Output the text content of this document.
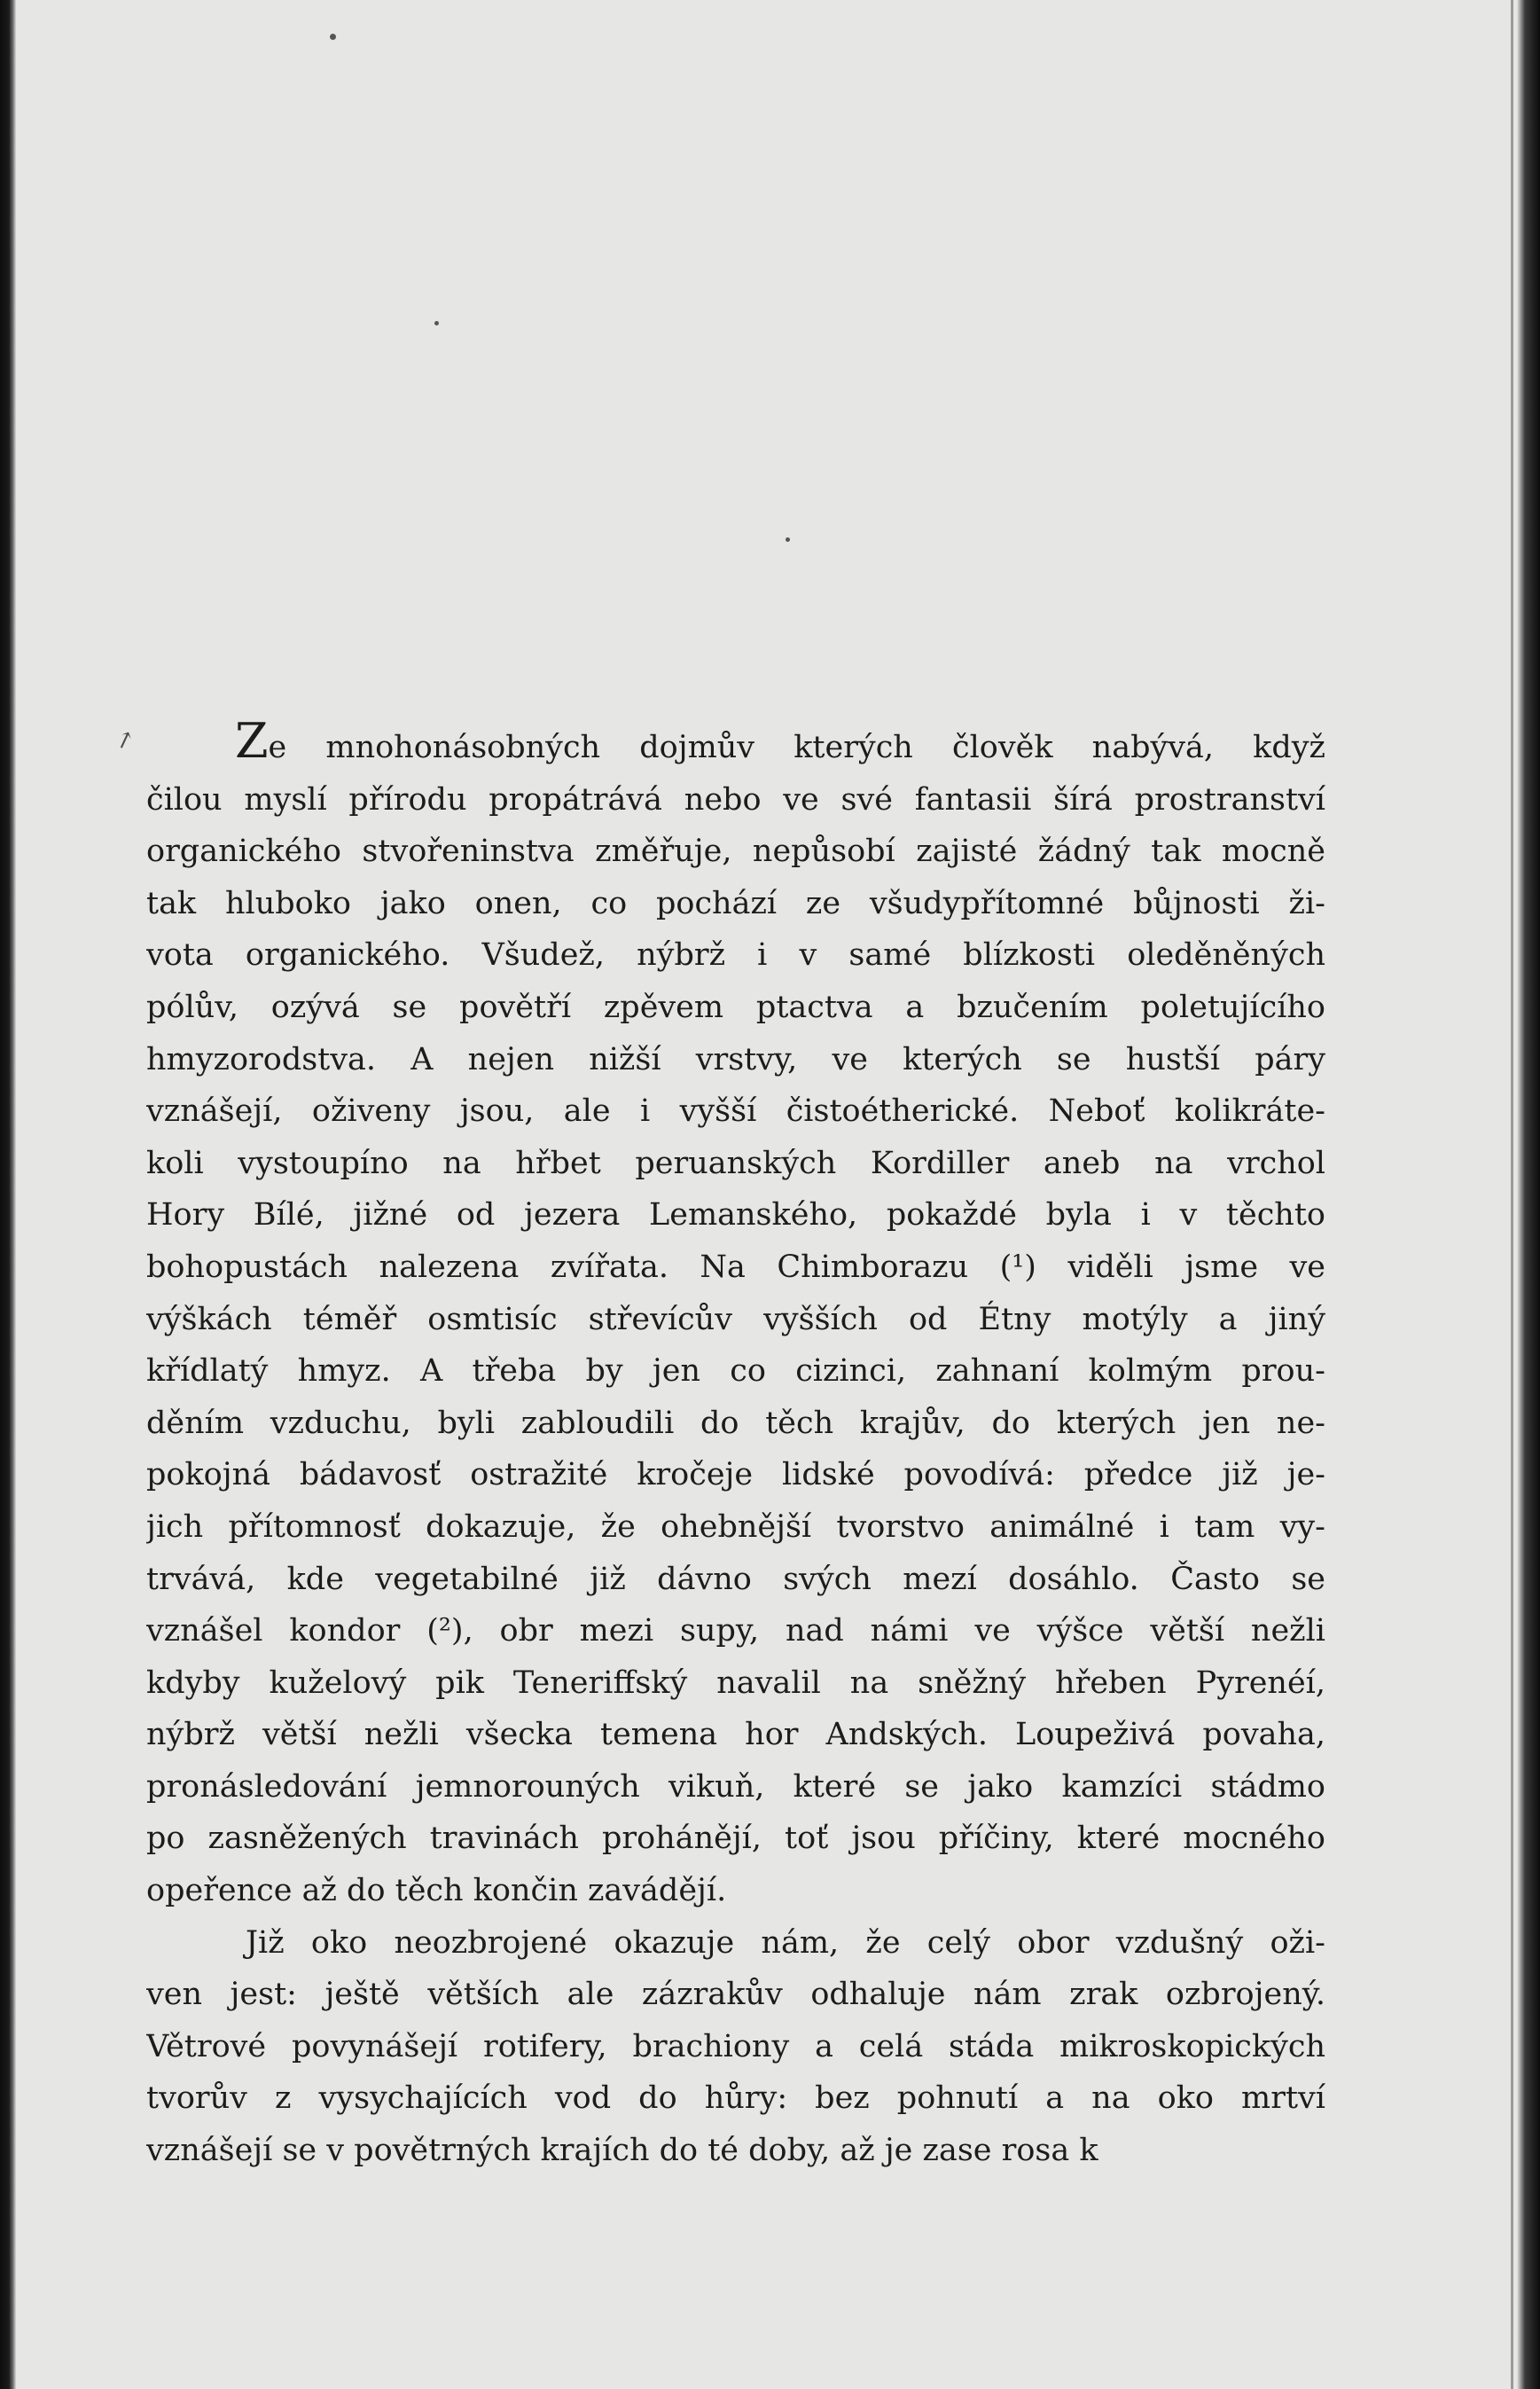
↗	Ze mnohonásobných dojmův kterých člověk nabývá, když
čilou myslí přírodu propátrává nebo ve své fantasii šírá prostranství
organického stvořeninstva změřuje, nepůsobí zajisté žádný tak mocně
tak hluboko jako onen, co pochází ze všudypřítomné bůjnosti ži-
vota organického. Všudež, nýbrž i v samé blízkosti oleděněných
pólův, ozývá se povětří zpěvem ptactva a bzučením poletujícího
hmyzorodstva. A nejen nižší vrstvy, ve kterých se hustší páry
vznášejí, oživeny jsou, ale i vyšší čistoétherické. Neboť kolikráte-
koli vystoupíno na hřbet peruanských Kordiller aneb na vrchol
Hory Bílé, jižné od jezera Lemanského, pokaždé byla i v těchto
bohopustách nalezena zvířata. Na Chimborazu (¹) viděli jsme ve
výškách téměř osmtisíc střevícův vyšších od Étny motýly a jiný
křídlatý hmyz. A třeba by jen co cizinci, zahnaní kolmým prou-
děním vzduchu, byli zabloudili do těch krajův, do kterých jen ne-
pokojná bádavosť ostražité kročeje lidské povodívá: předce již je-
jich přítomnosť dokazuje, že ohebnější tvorstvo animálné i tam vy-
trvává, kde vegetabilné již dávno svých mezí dosáhlo. Často se
vznášel kondor (²), obr mezi supy, nad námi ve výšce větší nežli
kdyby kuželový pik Teneriffský navalil na sněžný hřeben Pyrenéí,
nýbrž větší nežli všecka temena hor Andských. Loupeživá povaha,
pronásledování jemnorouných vikuň, které se jako kamzíci stádmo
po zasněžených travinách prohánějí, toť jsou příčiny, které mocného
opeřence až do těch končin zavádějí.
Již oko neozbrojené okazuje nám, že celý obor vzdušný oži-
ven jest: ještě větších ale zázrakův odhaluje nám zrak ozbrojený.
Větrové povynášejí rotifery, brachiony a celá stáda mikroskopických
tvorův z vysychajících vod do hůry: bez pohnutí a na oko mrtví
vznášejí se v povětrných krajích do té doby, až je zase rosa k
